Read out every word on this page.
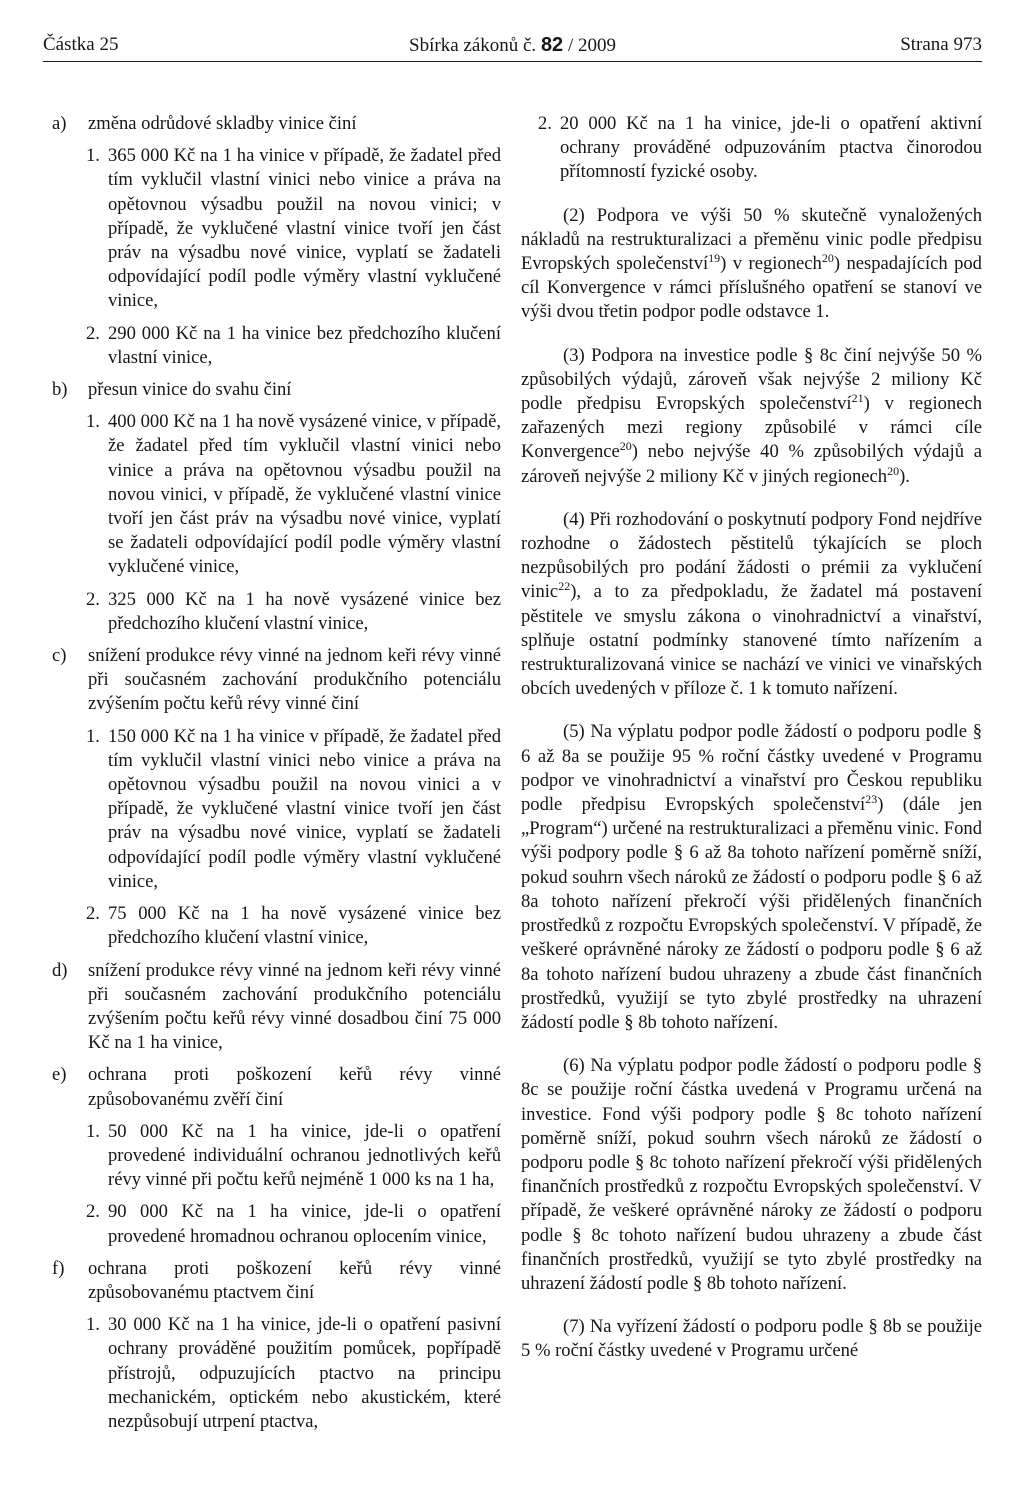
Částka 25	Sbírka zákonů č. 82 / 2009	Strana 973

a) změna odrůdové skladby vinice činí

1. 365 000 Kč na 1 ha vinice v případě, že žadatel před tím vyklučil vlastní vinici nebo vinice a práva na opětovnou výsadbu použil na novou vinici; v případě, že vyklučené vlastní vinice tvoří jen část práv na výsadbu nové vinice, vyplatí se žadateli odpovídající podíl podle výměry vlastní vyklučené vinice,

2. 290 000 Kč na 1 ha vinice bez předchozího klučení vlastní vinice,

b) přesun vinice do svahu činí

1. 400 000 Kč na 1 ha nově vysázené vinice, v případě, že žadatel před tím vyklučil vlastní vinici nebo vinice a práva na opětovnou výsadbu použil na novou vinici, v případě, že vyklučené vlastní vinice tvoří jen část práv na výsadbu nové vinice, vyplatí se žadateli odpovídající podíl podle výměry vlastní vyklučené vinice,

2. 325 000 Kč na 1 ha nově vysázené vinice bez předchozího klučení vlastní vinice,

c) snížení produkce révy vinné na jednom keři révy vinné při současném zachování produkčního potenciálu zvýšením počtu keřů révy vinné činí

1. 150 000 Kč na 1 ha vinice v případě, že žadatel před tím vyklučil vlastní vinici nebo vinice a práva na opětovnou výsadbu použil na novou vinici a v případě, že vyklučené vlastní vinice tvoří jen část práv na výsadbu nové vinice, vyplatí se žadateli odpovídající podíl podle výměry vlastní vyklučené vinice,

2. 75 000 Kč na 1 ha nově vysázené vinice bez předchozího klučení vlastní vinice,

d) snížení produkce révy vinné na jednom keři révy vinné při současném zachování produkčního potenciálu zvýšením počtu keřů révy vinné dosadbou činí 75 000 Kč na 1 ha vinice,

e) ochrana proti poškození keřů révy vinné způsobovanému zvěří činí

1. 50 000 Kč na 1 ha vinice, jde-li o opatření provedené individuální ochranou jednotlivých keřů révy vinné při počtu keřů nejméně 1 000 ks na 1 ha,

2. 90 000 Kč na 1 ha vinice, jde-li o opatření provedené hromadnou ochranou oplocením vinice,

f) ochrana proti poškození keřů révy vinné způsobovanému ptactvem činí

1. 30 000 Kč na 1 ha vinice, jde-li o opatření pasivní ochrany prováděné použitím pomůcek, popřípadě přístrojů, odpuzujících ptactvo na principu mechanickém, optickém nebo akustickém, které nezpůsobují utrpení ptactva,

2. 20 000 Kč na 1 ha vinice, jde-li o opatření aktivní ochrany prováděné odpuzováním ptactva činorodou přítomností fyzické osoby.

(2) Podpora ve výši 50 % skutečně vynaložených nákladů na restrukturalizaci a přeměnu vinic podle předpisu Evropských společenství$^{19}$) v regionech$^{20}$) nespadajících pod cíl Konvergence v rámci příslušného opatření se stanoví ve výši dvou třetin podpor podle odstavce 1.

(3) Podpora na investice podle § 8c činí nejvýše 50 % způsobilých výdajů, zároveň však nejvýše 2 miliony Kč podle předpisu Evropských společenství$^{21}$) v regionech zařazených mezi regiony způsobilé v rámci cíle Konvergence$^{20}$) nebo nejvýše 40 % způsobilých výdajů a zároveň nejvýše 2 miliony Kč v jiných regionech$^{20}$).

(4) Při rozhodování o poskytnutí podpory Fond nejdříve rozhodne o žádostech pěstitelů týkajících se ploch nezpůsobilých pro podání žádosti o prémii za vyklučení vinic$^{22}$), a to za předpokladu, že žadatel má postavení pěstitele ve smyslu zákona o vinohradnictví a vinařství, splňuje ostatní podmínky stanovené tímto nařízením a restrukturalizovaná vinice se nachází ve vinici ve vinařských obcích uvedených v příloze č. 1 k tomuto nařízení.

(5) Na výplatu podpor podle žádostí o podporu podle § 6 až 8a se použije 95 % roční částky uvedené v Programu podpor ve vinohradnictví a vinařství pro Českou republiku podle předpisu Evropských společenství$^{23}$) (dále jen „Program“) určené na restrukturalizaci a přeměnu vinic. Fond výši podpory podle § 6 až 8a tohoto nařízení poměrně sníží, pokud souhrn všech nároků ze žádostí o podporu podle § 6 až 8a tohoto nařízení překročí výši přidělených finančních prostředků z rozpočtu Evropských společenství. V případě, že veškeré oprávněné nároky ze žádostí o podporu podle § 6 až 8a tohoto nařízení budou uhrazeny a zbude část finančních prostředků, využijí se tyto zbylé prostředky na uhrazení žádostí podle § 8b tohoto nařízení.

(6) Na výplatu podpor podle žádostí o podporu podle § 8c se použije roční částka uvedená v Programu určená na investice. Fond výši podpory podle § 8c tohoto nařízení poměrně sníží, pokud souhrn všech nároků ze žádostí o podporu podle § 8c tohoto nařízení překročí výši přidělených finančních prostředků z rozpočtu Evropských společenství. V případě, že veškeré oprávněné nároky ze žádostí o podporu podle § 8c tohoto nařízení budou uhrazeny a zbude část finančních prostředků, využijí se tyto zbylé prostředky na uhrazení žádostí podle § 8b tohoto nařízení.

(7) Na vyřízení žádostí o podporu podle § 8b se použije 5 % roční částky uvedené v Programu určené
